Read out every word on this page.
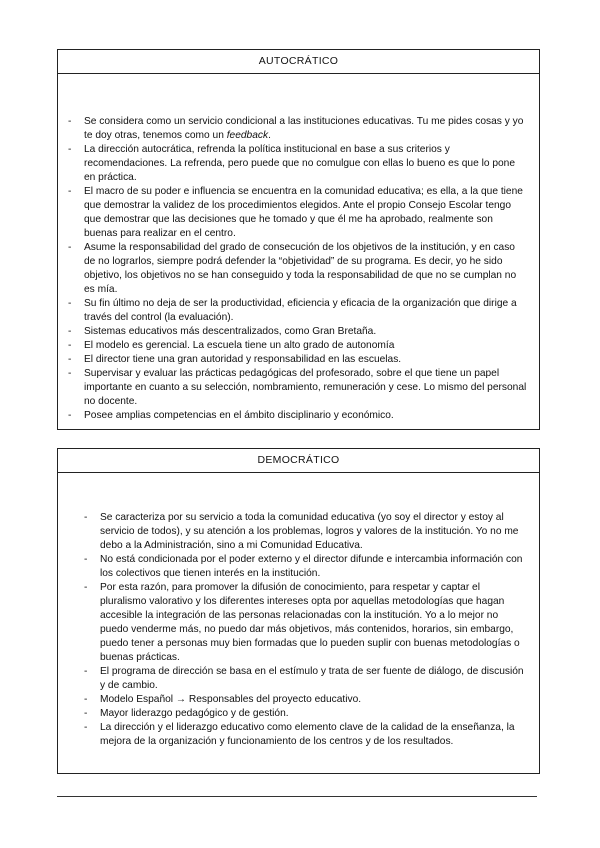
AUTOCRÁTICO
- Se considera como un servicio condicional a las instituciones educativas. Tu me pides cosas y yo te doy otras, tenemos como un feedback.
- La dirección autocrática, refrenda la política institucional en base a sus criterios y recomendaciones. La refrenda, pero puede que no comulgue con ellas lo bueno es que lo pone en práctica.
- El macro de su poder e influencia se encuentra en la comunidad educativa; es ella, a la que tiene que demostrar la validez de los procedimientos elegidos. Ante el propio Consejo Escolar tengo que demostrar que las decisiones que he tomado y que él me ha aprobado, realmente son buenas para realizar en el centro.
- Asume la responsabilidad del grado de consecución de los objetivos de la institución, y en caso de no lograrlos, siempre podrá defender la “objetividad” de su programa. Es decir, yo he sido objetivo, los objetivos no se han conseguido y toda la responsabilidad de que no se cumplan no es mía.
- Su fin último no deja de ser la productividad, eficiencia y eficacia de la organización que dirige a través del control (la evaluación).
- Sistemas educativos más descentralizados, como Gran Bretaña.
- El modelo es gerencial. La escuela tiene un alto grado de autonomía
- El director tiene una gran autoridad y responsabilidad en las escuelas.
- Supervisar y evaluar las prácticas pedagógicas del profesorado, sobre el que tiene un papel importante en cuanto a su selección, nombramiento, remuneración y cese. Lo mismo del personal no docente.
- Posee amplias competencias en el ámbito disciplinario y económico.
DEMOCRÁTICO
- Se caracteriza por su servicio a toda la comunidad educativa (yo soy el director y estoy al servicio de todos), y su atención a los problemas, logros y valores de la institución. Yo no me debo a la Administración, sino a mi Comunidad Educativa.
- No está condicionada por el poder externo y el director difunde e intercambia información con los colectivos que tienen interés en la institución.
- Por esta razón, para promover la difusión de conocimiento, para respetar y captar el pluralismo valorativo y los diferentes intereses opta por aquellas metodologías que hagan accesible la integración de las personas relacionadas con la institución. Yo a lo mejor no puedo venderme más, no puedo dar más objetivos, más contenidos, horarios, sin embargo, puedo tener a personas muy bien formadas que lo pueden suplir con buenas metodologías o buenas prácticas.
- El programa de dirección se basa en el estímulo y trata de ser fuente de diálogo, de discusión y de cambio.
- Modelo Español → Responsables del proyecto educativo.
- Mayor liderazgo pedagógico y de gestión.
- La dirección y el liderazgo educativo como elemento clave de la calidad de la enseñanza, la mejora de la organización y funcionamiento de los centros y de los resultados.
